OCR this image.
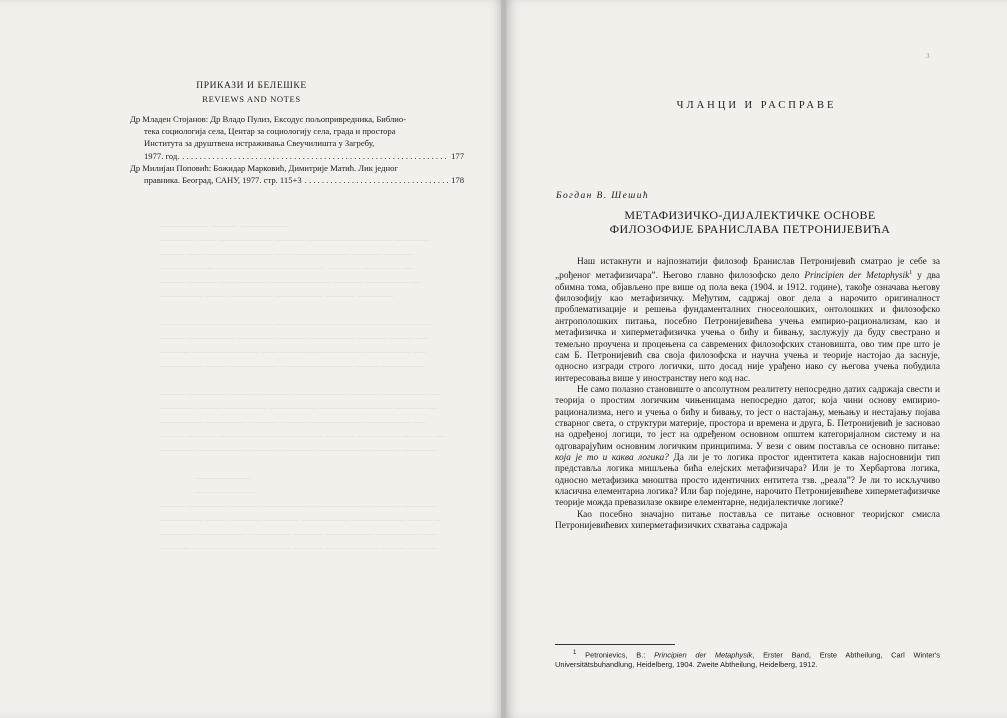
────────  ────  ────────
────── ─── ───────── ───── ────────────── ──────
──── ─── ─────────── ── ────────── ───── ─────
───────── ── ──────── ───────   ─────  ────── ──
──── ───── ── ────── ────────── ───── ─────── ──
─────── ──── ─────── ──────── ───── ──────

────── ───── ─────── ─────── ───────── ─────── ──
──── ──────── ────── ───── ──────── ───── ──── ──
───── ─────────── ─── ───── ──────── ──────── ──
─────── ──── ──────── ──────────── ──── ───────

──── ─────── ──── ────── ───────── ───── ─────── ──
────── ──── ─────── ──────── ──────────── ───── ──
─────── ─────── ───── ──── ───────── ──────── ──
──── ───── ─────── ────────── ───── ─────── ───── ──
────── ──────── ───── ────── ──────── ───── ──────

─────────
──────────
──── ─────── ───── ──────── ───────── ───── ──────
─────── ──── ───── ────── ──────── ───────── ──── ─
────── ──────── ─────── ───── ──────── ─────── ───
───── ───── ─────────── ───── ───────── ──── ─────
ПРИКАЗИ И БЕЛЕШКЕ
REVIEWS AND NOTES
Др Младен Стојанов: Др Владо Пулиз, Ексодус пољопривредника, Библио-
тека социологија села, Центар за социологију села, града и простора
Института за друштвена истраживања Свеучилишта у Загребу,
1977. год. . . .	177
Др Милијан Поповић: Божидар Марковић, Димитрије Матић. Лик једног
правника. Београд, САНУ, 1977. стр. 115+3 . . .	178
3
ЧЛАНЦИ И РАСПРАВЕ
Богдан В. Шешић
МЕТАФИЗИЧКО-ДИЈАЛЕКТИЧКЕ ОСНОВЕ
ФИЛОЗОФИЈЕ БРАНИСЛАВА ПЕТРОНИЈЕВИЋА

Наш истакнути и најпознатији филозоф Бранислав Петронијевић сматрао је себе за „рођеног метафизичара”. Његово главно филозофско дело Principien der Metaphysik$^1$ у два обимна тома, објављено пре више од пола века (1904. и 1912. године), такође означава његову филозофију као метафизичку. Међутим, садржај овог дела а нарочито оригиналност проблематизације и решења фундаменталних гносеолошких, онтолошких и филозофско антрополошких питања, посебно Петронијевићева учења емпирио-рационализам, као и метафизичка и хиперметафизичка учења о бићу и бивању, заслужују да буду свестрано и темељно проучена и процењена са савремених филозофских становишта, ово тим пре што је сам Б. Петронијевић сва своја филозофска и научна учења и теорије настојао да заснује, односно изгради строго логички, што досад није урађено иако су његова учења побудила интересовања више у иностранству него код нас.

Не само полазно становиште о апсолутном реалитету непосредно датих садржаја свести и теорија о простим логичким чињеницама непосредно датог, која чини основу емпирио-рационализма, него и учења о бићу и бивању, то јест о настајању, мењању и нестајању појава стварног света, о структури материје, простора и времена и друга, Б. Петронијевић је засновао на одређеној логици, то јест на одређеном основном општем категоријалном систему и на одговарајућим основним логичким принципима. У вези с овим поставља се основно питање: која је то и каква логика? Да ли је то логика простог идентитета какав најосновнији тип представља логика мишљења бића елејских метафизичара? Или је то Хербартова логика, односно метафизика мноштва просто идентичних ентитета тзв. „реала”? Је ли то искључиво класична елементарна логика? Или бар поједине, нарочито Петронијевићеве хиперметафизичке теорије можда превазилазе оквире елементарне, недијалектичке логике?

Као посебно значајно питање поставља се питање основног теоријског смисла Петронијевићевих хиперметафизичких схватања садржаја

$^1$ Petronievics, B.: Principien der Metaphysik, Erster Band, Erste Abtheilung, Carl Winter's Universitätsbuhandlung, Heidelberg, 1904. Zweite Abtheilung, Heidelberg, 1912.
